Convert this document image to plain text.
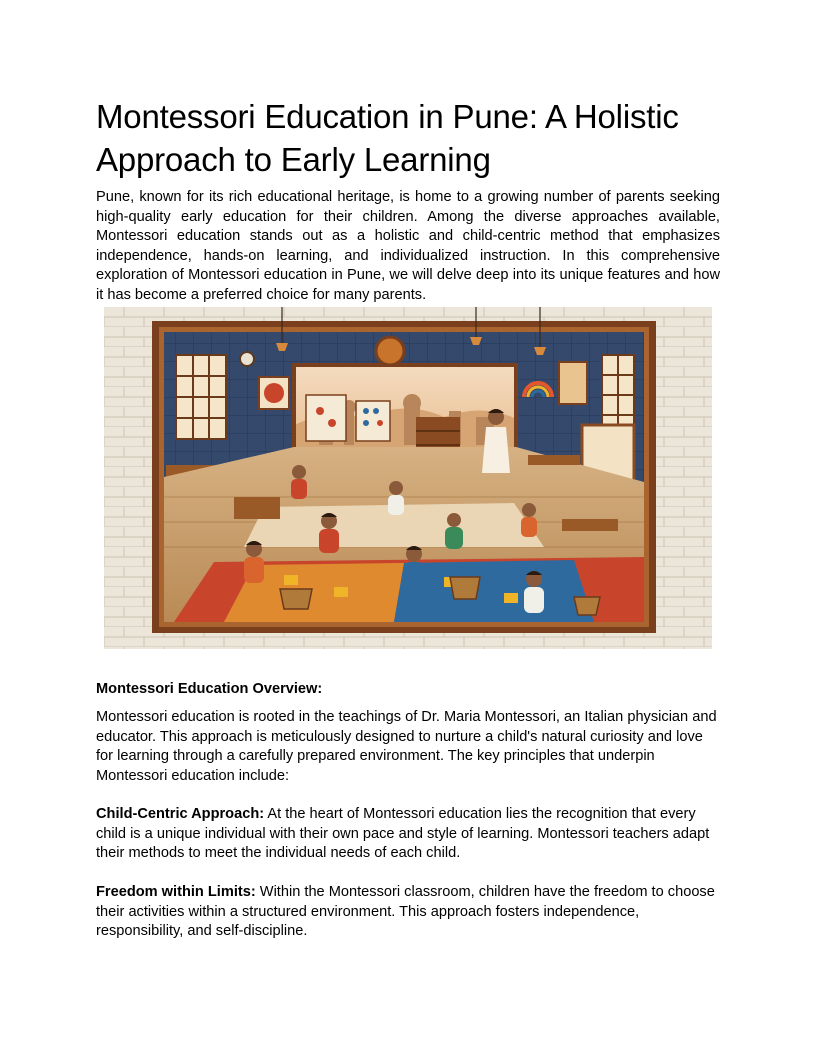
Montessori Education in Pune: A Holistic Approach to Early Learning

Pune, known for its rich educational heritage, is home to a growing number of parents seeking high-quality early education for their children. Among the diverse approaches available, Montessori education stands out as a holistic and child-centric method that emphasizes independence, hands-on learning, and individualized instruction. In this comprehensive exploration of Montessori education in Pune, we will delve deep into its unique features and how it has become a preferred choice for many parents.

Montessori Education Overview:

Montessori education is rooted in the teachings of Dr. Maria Montessori, an Italian physician and educator. This approach is meticulously designed to nurture a child's natural curiosity and love for learning through a carefully prepared environment. The key principles that underpin Montessori education include:

Child-Centric Approach: At the heart of Montessori education lies the recognition that every child is a unique individual with their own pace and style of learning. Montessori teachers adapt their methods to meet the individual needs of each child.

Freedom within Limits: Within the Montessori classroom, children have the freedom to choose their activities within a structured environment. This approach fosters independence, responsibility, and self-discipline.
